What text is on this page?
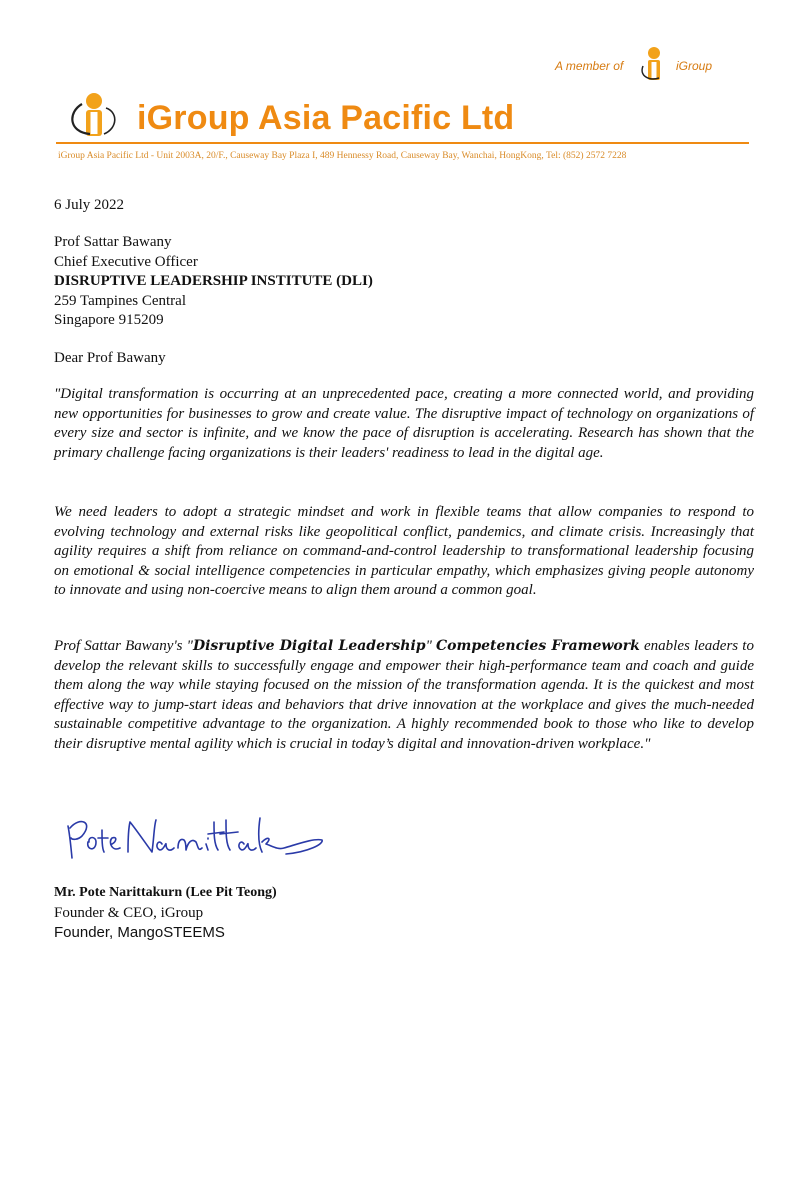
A member of	iGroup
iGroup Asia Pacific Ltd
iGroup Asia Pacific Ltd - Unit 2003A, 20/F., Causeway Bay Plaza I, 489 Hennessy Road, Causeway Bay, Wanchai, HongKong, Tel: (852) 2572 7228
6 July 2022
Prof Sattar Bawany
Chief Executive Officer
DISRUPTIVE LEADERSHIP INSTITUTE (DLI)
259 Tampines Central
Singapore 915209
Dear Prof Bawany

"Digital transformation is occurring at an unprecedented pace, creating a more connected world, and providing new opportunities for businesses to grow and create value. The disruptive impact of technology on organizations of every size and sector is infinite, and we know the pace of disruption is accelerating. Research has shown that the primary challenge facing organizations is their leaders' readiness to lead in the digital age.

We need leaders to adopt a strategic mindset and work in flexible teams that allow companies to respond to evolving technology and external risks like geopolitical conflict, pandemics, and climate crisis. Increasingly that agility requires a shift from reliance on command-and-control leadership to transformational leadership focusing on emotional & social intelligence competencies in particular empathy, which emphasizes giving people autonomy to innovate and using non-coercive means to align them around a common goal.

Prof Sattar Bawany's "Disruptive Digital Leadership" Competencies Framework enables leaders to develop the relevant skills to successfully engage and empower their high-performance team and coach and guide them along the way while staying focused on the mission of the transformation agenda. It is the quickest and most effective way to jump-start ideas and behaviors that drive innovation at the workplace and gives the much-needed sustainable competitive advantage to the organization. A highly recommended book to those who like to develop their disruptive mental agility which is crucial in today’s digital and innovation-driven workplace."

Mr. Pote Narittakurn (Lee Pit Teong)
Founder & CEO, iGroup
Founder, MangoSTEEMS
